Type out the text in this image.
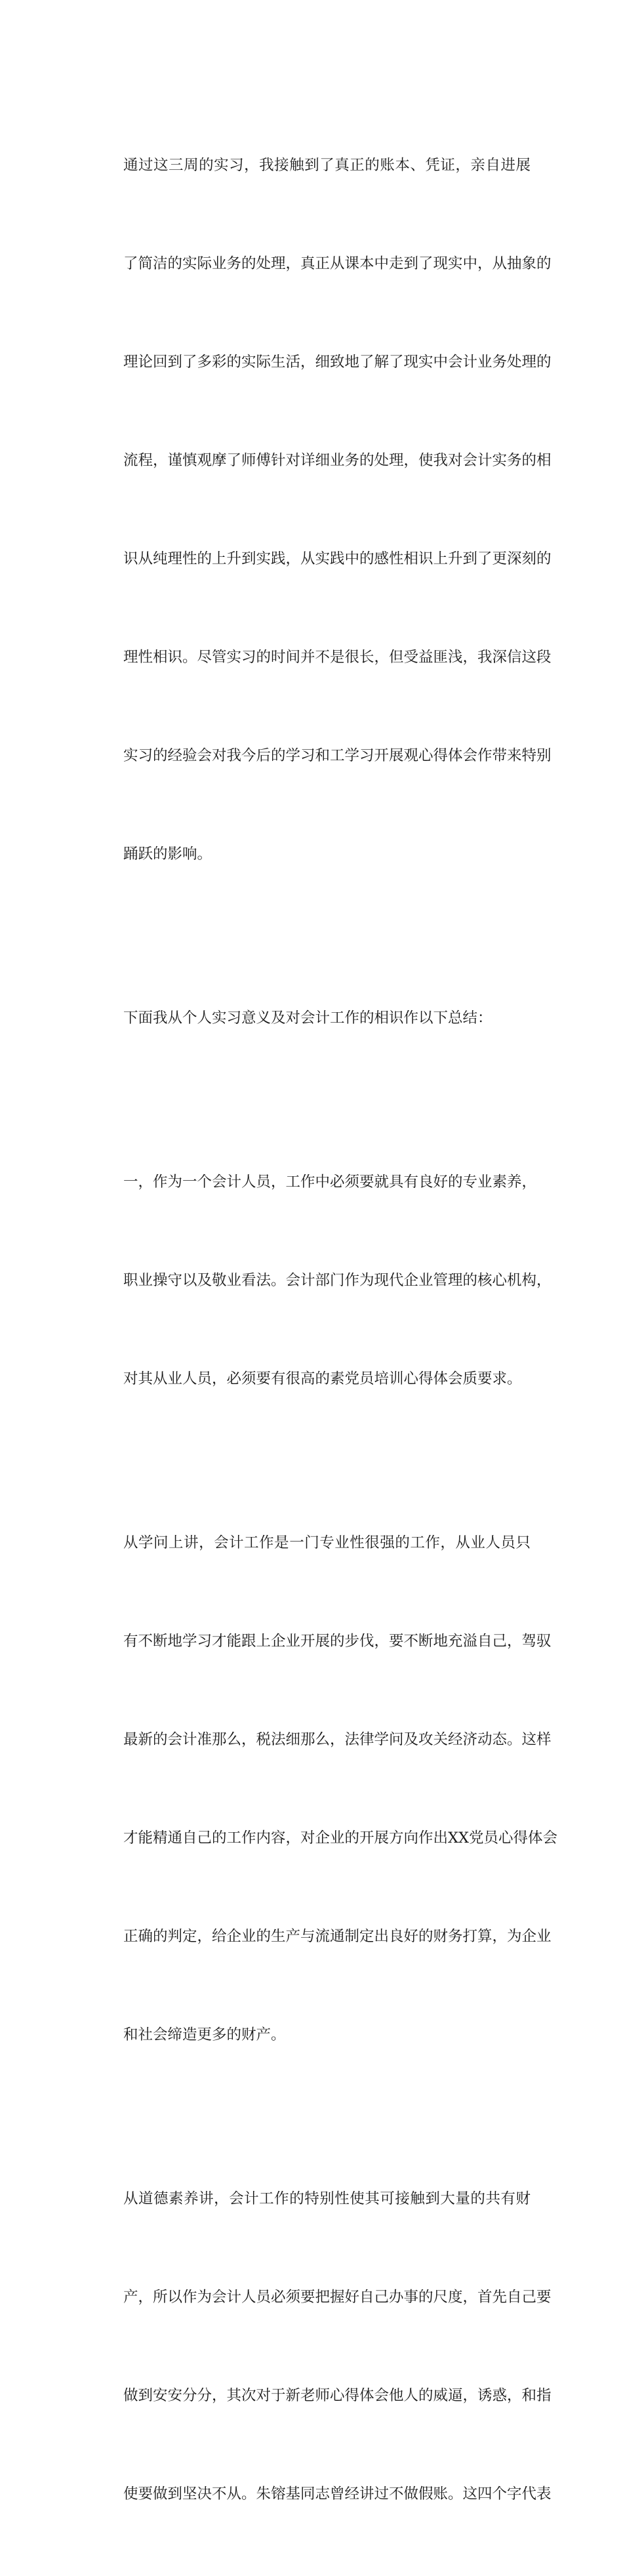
通过这三周的实习，我接触到了真正的账本、凭证，亲自进展

了简洁的实际业务的处理，真正从课本中走到了现实中，从抽象的

理论回到了多彩的实际生活，细致地了解了现实中会计业务处理的

流程，谨慎观摩了师傅针对详细业务的处理，使我对会计实务的相

识从纯理性的上升到实践，从实践中的感性相识上升到了更深刻的

理性相识。尽管实习的时间并不是很长，但受益匪浅，我深信这段

实习的经验会对我今后的学习和工学习开展观心得体会作带来特别

踊跃的影响。

下面我从个人实习意义及对会计工作的相识作以下总结：

一，作为一个会计人员，工作中必须要就具有良好的专业素养，

职业操守以及敬业看法。会计部门作为现代企业管理的核心机构，

对其从业人员，必须要有很高的素党员培训心得体会质要求。

从学问上讲，会计工作是一门专业性很强的工作，从业人员只

有不断地学习才能跟上企业开展的步伐，要不断地充溢自己，驾驭

最新的会计准那么，税法细那么，法律学问及攻关经济动态。这样

才能精通自己的工作内容，对企业的开展方向作出XX党员心得体会

正确的判定，给企业的生产与流通制定出良好的财务打算，为企业

和社会缔造更多的财产。

从道德素养讲，会计工作的特别性使其可接触到大量的共有财

产，所以作为会计人员必须要把握好自己办事的尺度，首先自己要

做到安安分分，其次对于新老师心得体会他人的威逼，诱惑，和指

使要做到坚决不从。朱镕基同志曾经讲过不做假账。这四个字代表
